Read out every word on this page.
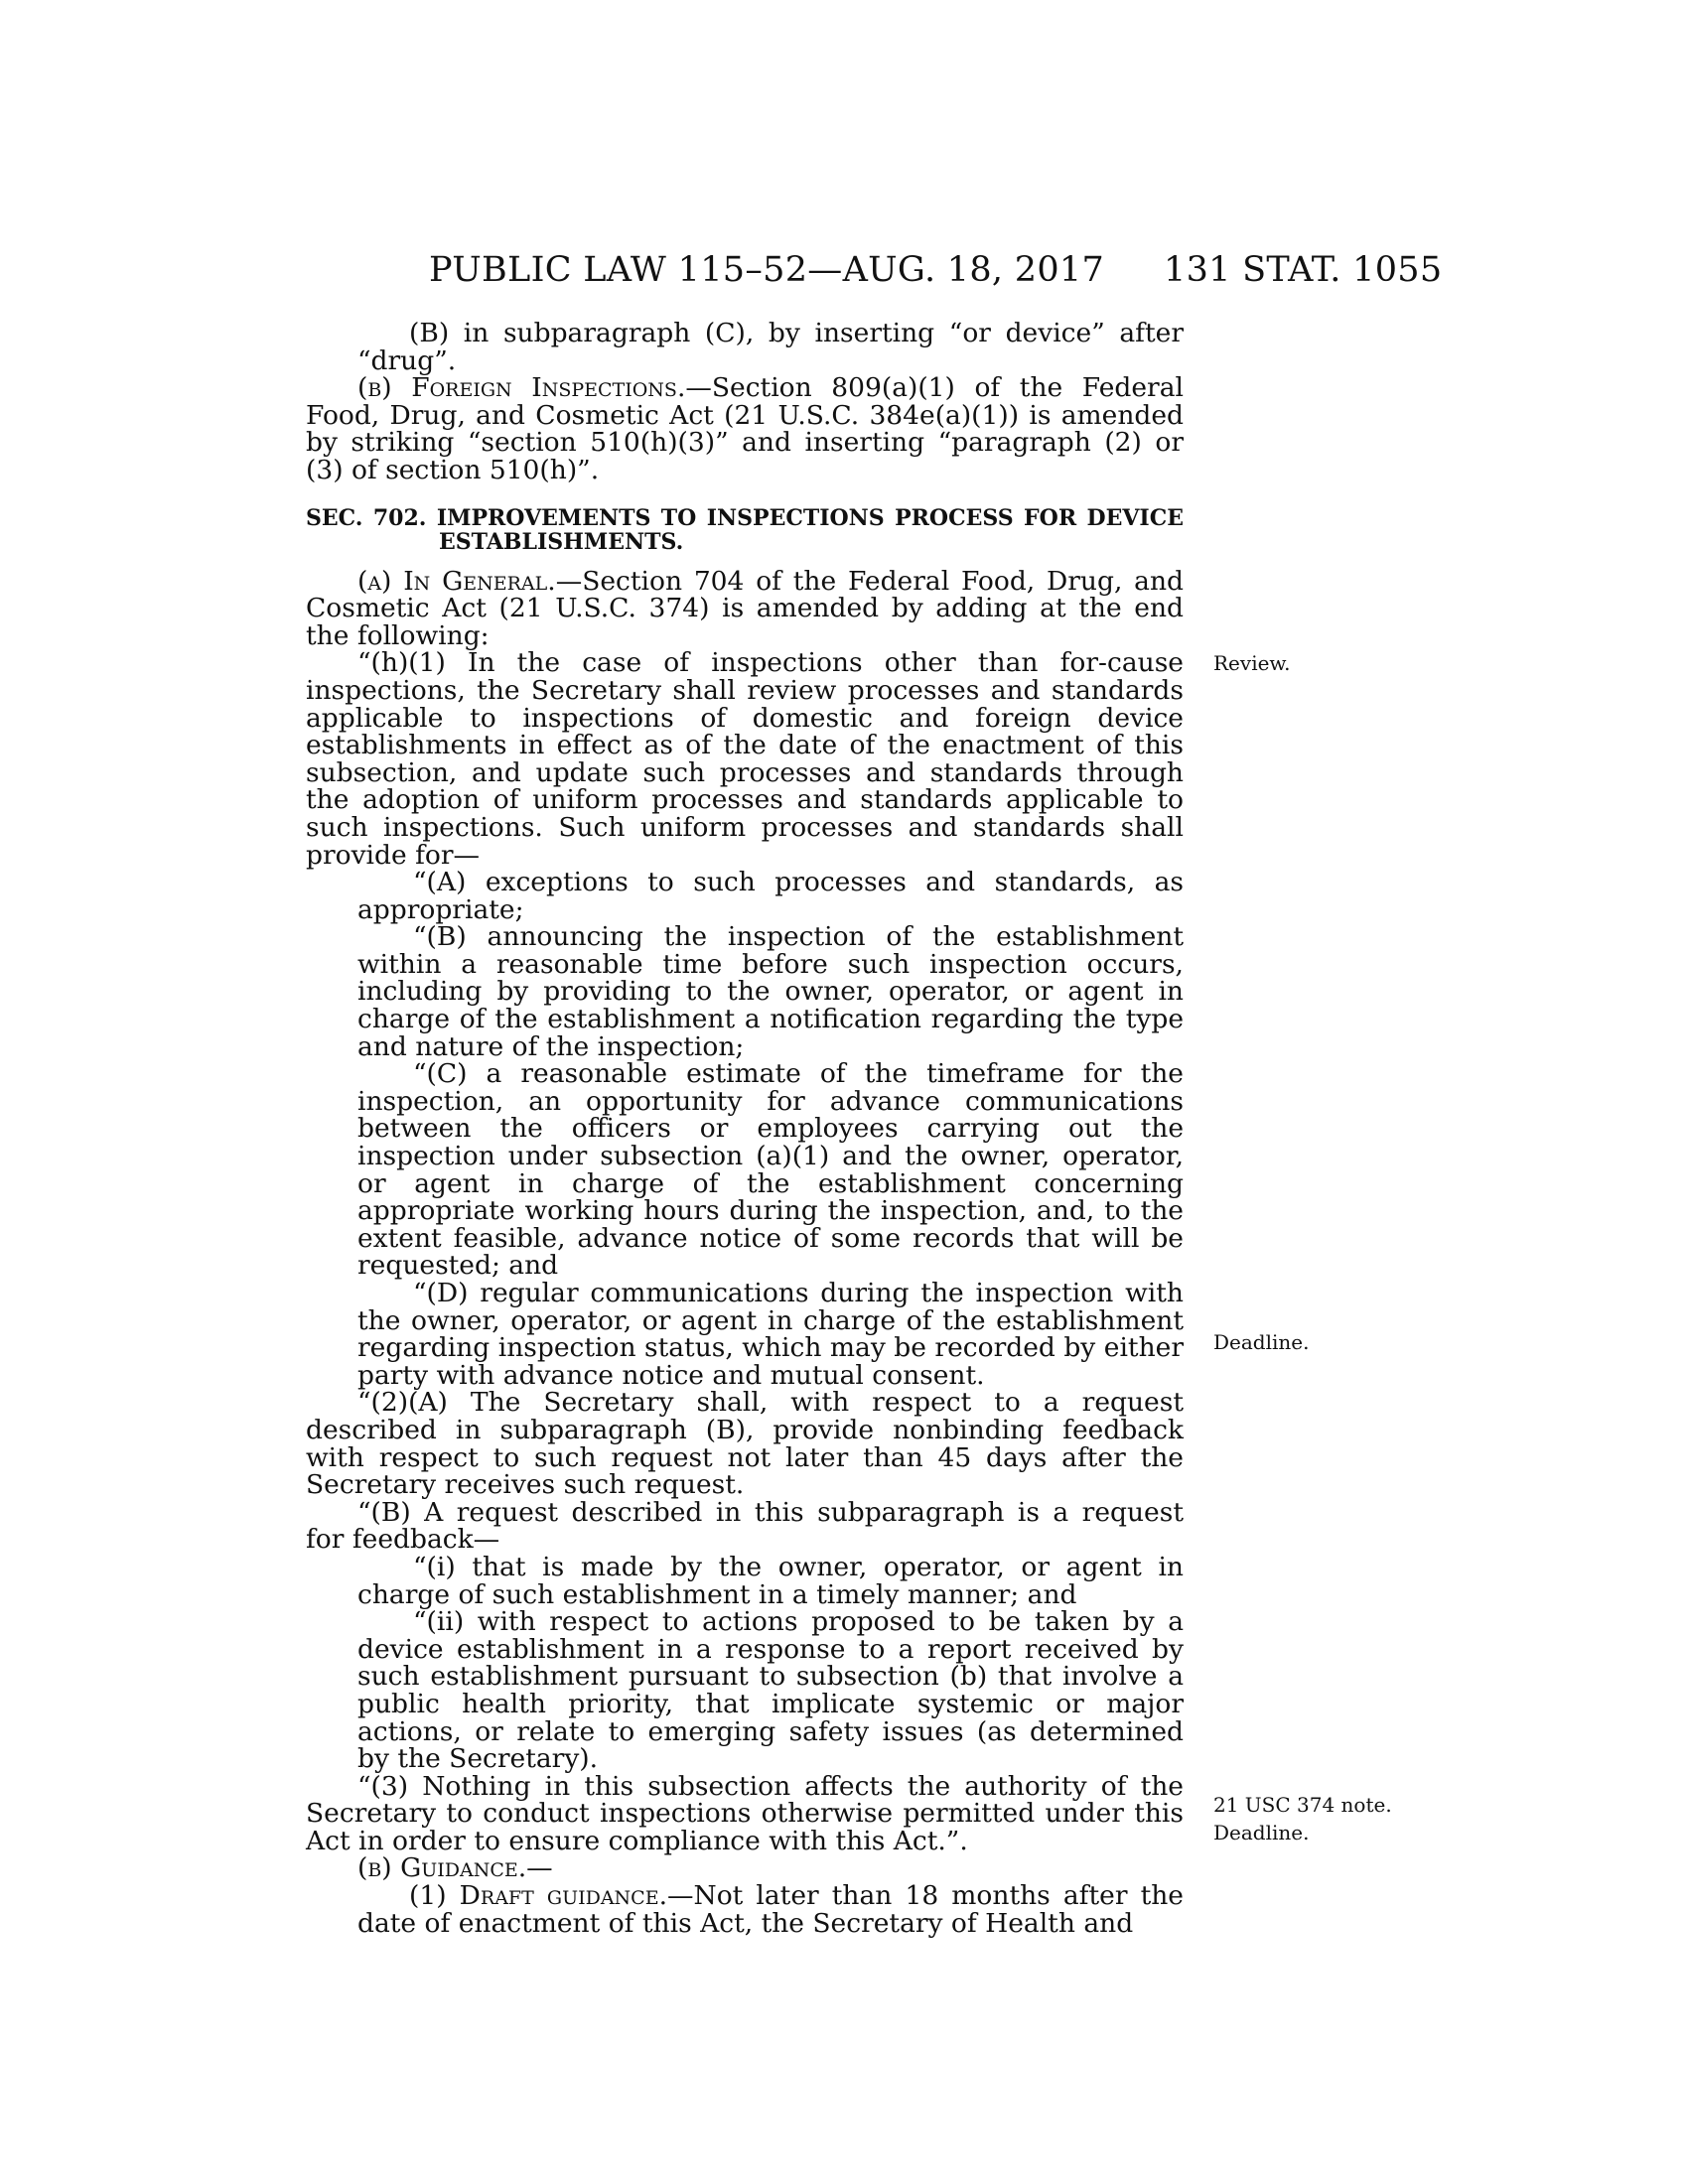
PUBLIC LAW 115–52—AUG. 18, 2017 131 STAT. 1055
Review.
Deadline.
21 USC 374 note.
Deadline.

(B) in subparagraph (C), by inserting “or device” after “drug”.

(b) Foreign Inspections.—Section 809(a)(1) of the Federal Food, Drug, and Cosmetic Act (21 U.S.C. 384e(a)(1)) is amended by striking “section 510(h)(3)” and inserting “paragraph (2) or (3) of section 510(h)”.

SEC. 702. IMPROVEMENTS TO INSPECTIONS PROCESS FOR DEVICE ESTABLISHMENTS.

(a) In General.—Section 704 of the Federal Food, Drug, and Cosmetic Act (21 U.S.C. 374) is amended by adding at the end the following:

“(h)(1) In the case of inspections other than for-cause inspections, the Secretary shall review processes and standards applicable to inspections of domestic and foreign device establishments in effect as of the date of the enactment of this subsection, and update such processes and standards through the adoption of uniform processes and standards applicable to such inspections. Such uniform processes and standards shall provide for—

“(A) exceptions to such processes and standards, as appropriate;

“(B) announcing the inspection of the establishment within a reasonable time before such inspection occurs, including by providing to the owner, operator, or agent in charge of the establishment a notification regarding the type and nature of the inspection;

“(C) a reasonable estimate of the timeframe for the inspection, an opportunity for advance communications between the officers or employees carrying out the inspection under subsection (a)(1) and the owner, operator, or agent in charge of the establishment concerning appropriate working hours during the inspection, and, to the extent feasible, advance notice of some records that will be requested; and

“(D) regular communications during the inspection with the owner, operator, or agent in charge of the establishment regarding inspection status, which may be recorded by either party with advance notice and mutual consent.

“(2)(A) The Secretary shall, with respect to a request described in subparagraph (B), provide nonbinding feedback with respect to such request not later than 45 days after the Secretary receives such request.

“(B) A request described in this subparagraph is a request for feedback—

“(i) that is made by the owner, operator, or agent in charge of such establishment in a timely manner; and

“(ii) with respect to actions proposed to be taken by a device establishment in a response to a report received by such establishment pursuant to subsection (b) that involve a public health priority, that implicate systemic or major actions, or relate to emerging safety issues (as determined by the Secretary).

“(3) Nothing in this subsection affects the authority of the Secretary to conduct inspections otherwise permitted under this Act in order to ensure compliance with this Act.”.

(b) Guidance.—

(1) Draft guidance.—Not later than 18 months after the date of enactment of this Act, the Secretary of Health and
